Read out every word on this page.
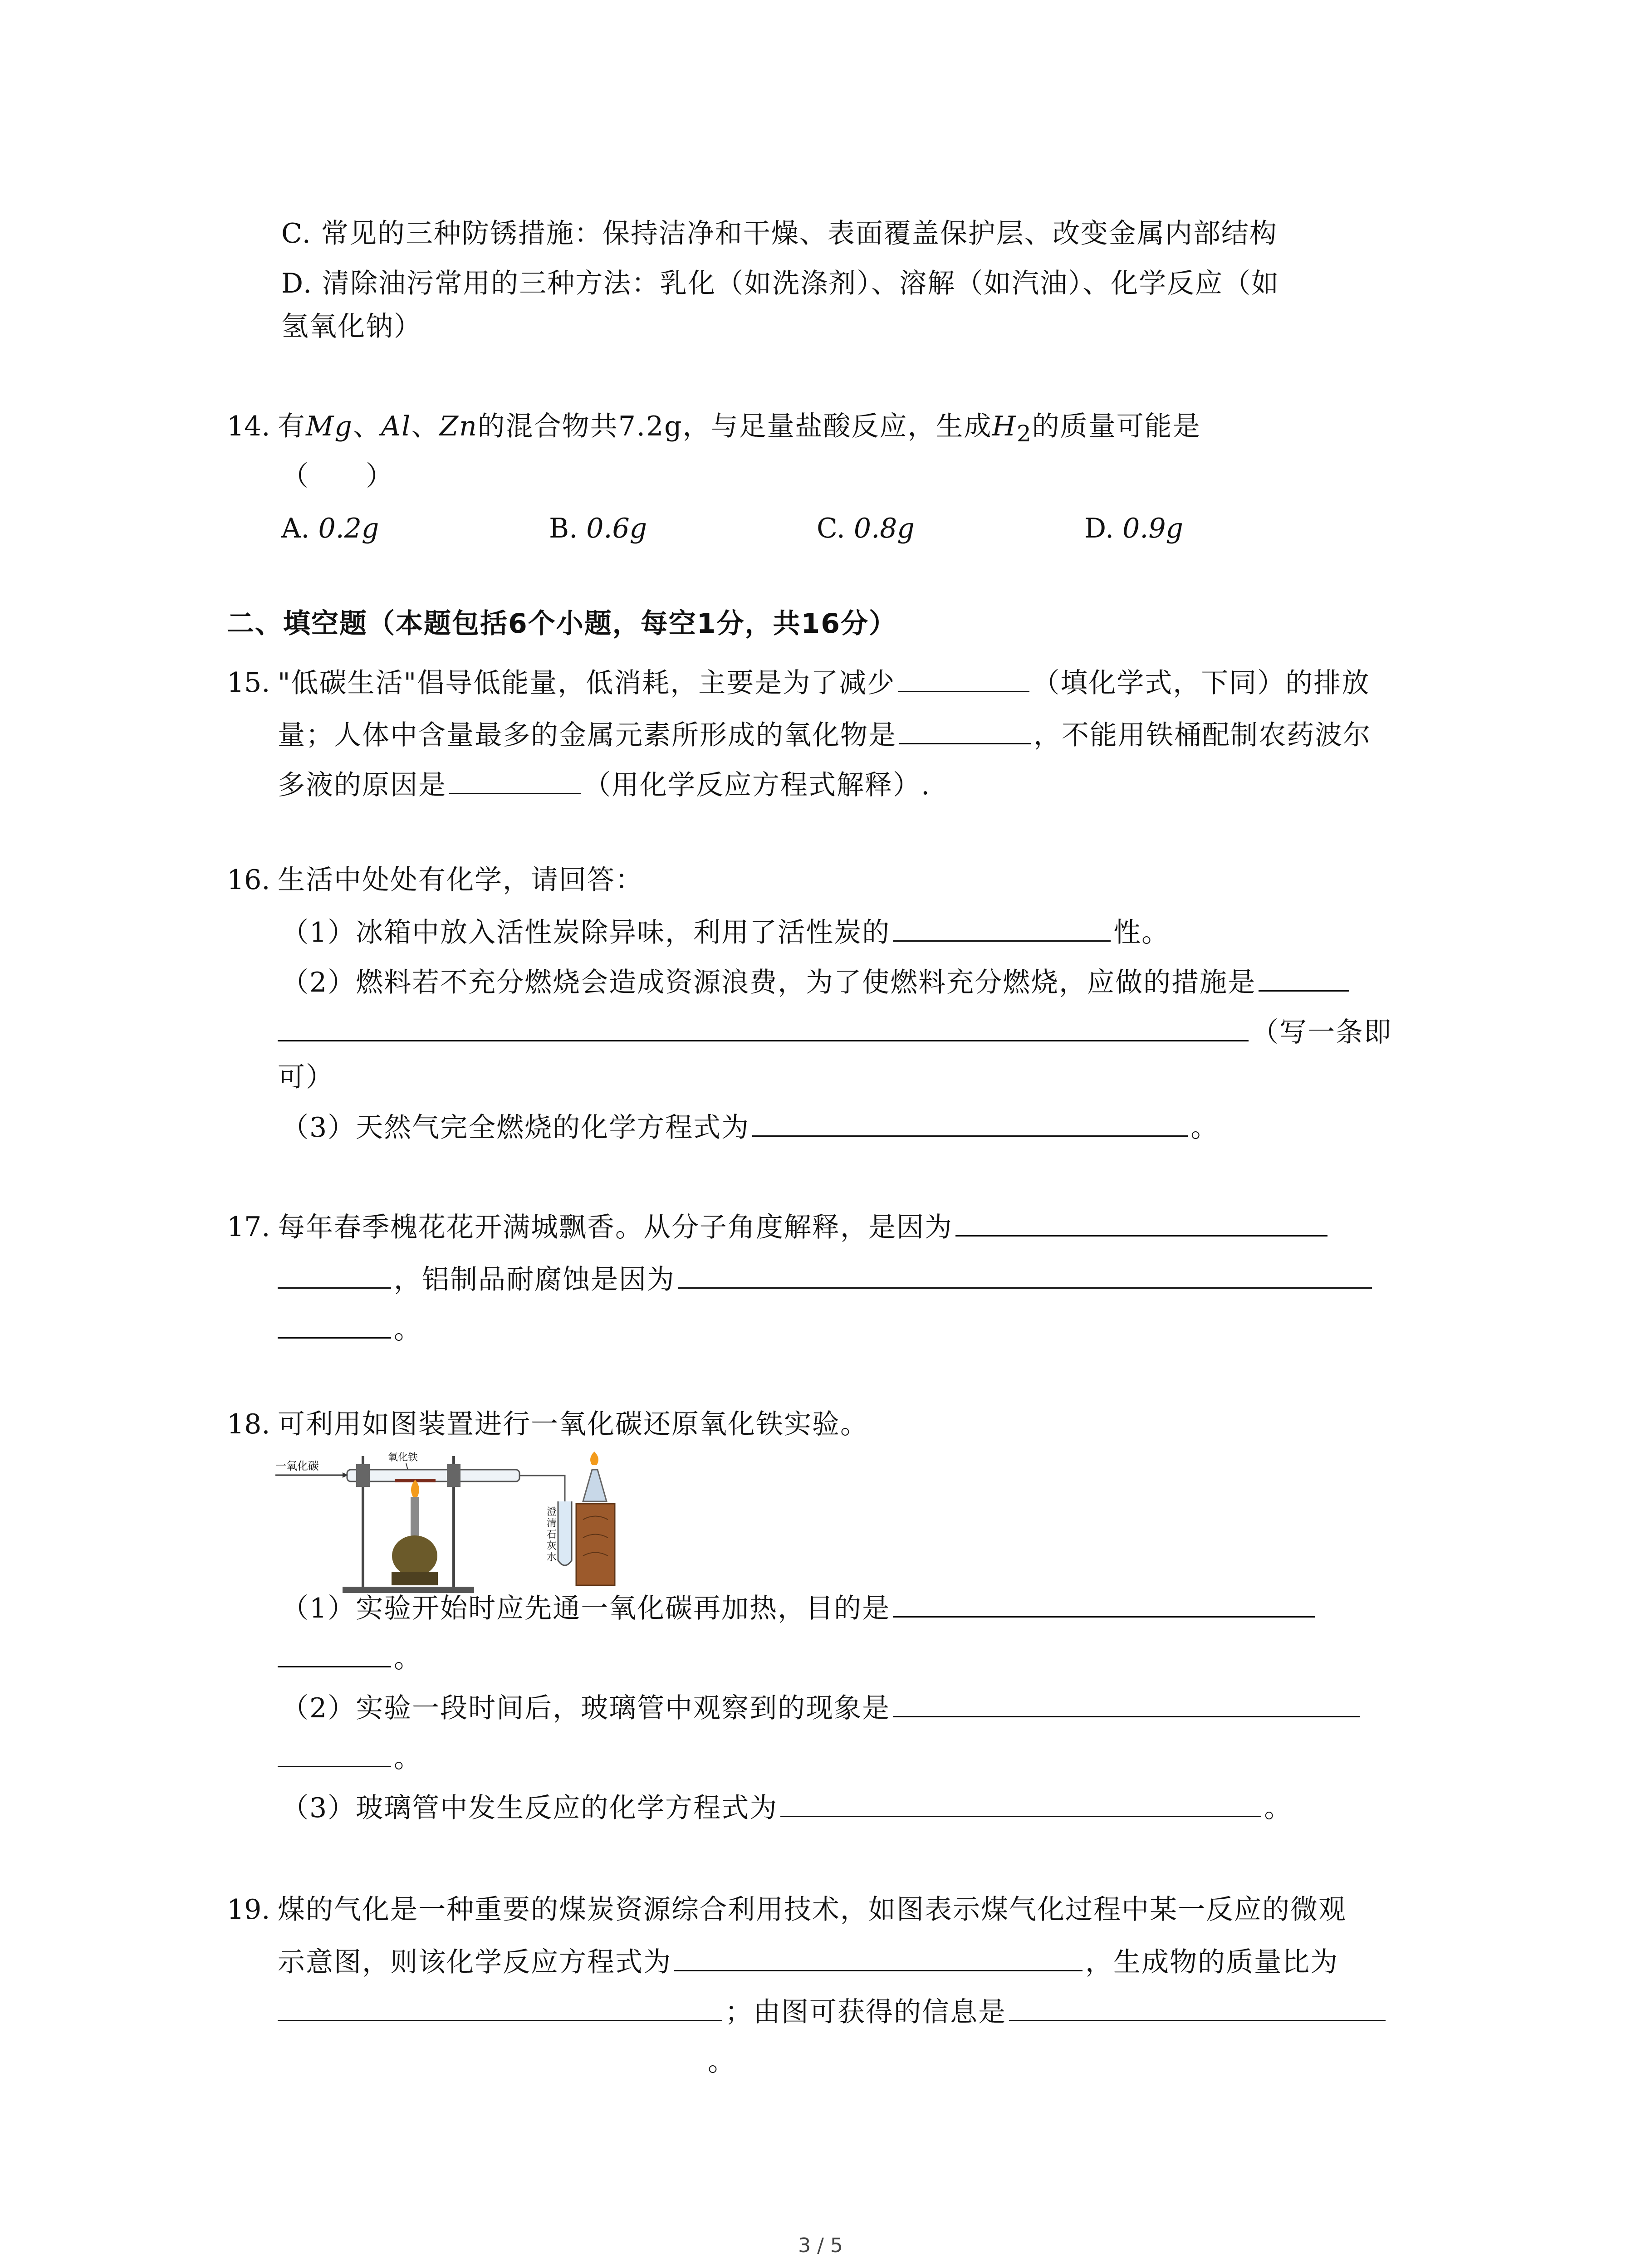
C. 常见的三种防锈措施：保持洁净和干燥、表面覆盖保护层、改变金属内部结构
D. 清除油污常用的三种方法：乳化（如洗涤剂）、溶解（如汽油）、化学反应（如
氢氧化钠）
14. 有Mg、Al、Zn的混合物共7.2g，与足量盐酸反应，生成$H_2$的质量可能是
（　　）
A. 0.2g	B. 0.6g	C. 0.8g	D. 0.9g
二、填空题（本题包括6个小题，每空1分，共16分）
15. "低碳生活"倡导低能量，低消耗，主要是为了减少	（填化学式，下同）的排放
量；人体中含量最多的金属元素所形成的氧化物是	，不能用铁桶配制农药波尔
多液的原因是	（用化学反应方程式解释）.
16. 生活中处处有化学，请回答：
（1）冰箱中放入活性炭除异味，利用了活性炭的	性。
（2）燃料若不充分燃烧会造成资源浪费，为了使燃料充分燃烧，应做的措施是
（写一条即
可）
（3）天然气完全燃烧的化学方程式为	。
17. 每年春季槐花花开满城飘香。从分子角度解释，是因为
，铝制品耐腐蚀是因为
。
18. 可利用如图装置进行一氧化碳还原氧化铁实验。
一氧化碳
氧化铁
澄
清
石
灰
水
（1）实验开始时应先通一氧化碳再加热，目的是
。
（2）实验一段时间后，玻璃管中观察到的现象是
。
（3）玻璃管中发生反应的化学方程式为	。
19. 煤的气化是一种重要的煤炭资源综合利用技术，如图表示煤气化过程中某一反应的微观
示意图，则该化学反应方程式为	，生成物的质量比为
；由图可获得的信息是
。
3 / 5
